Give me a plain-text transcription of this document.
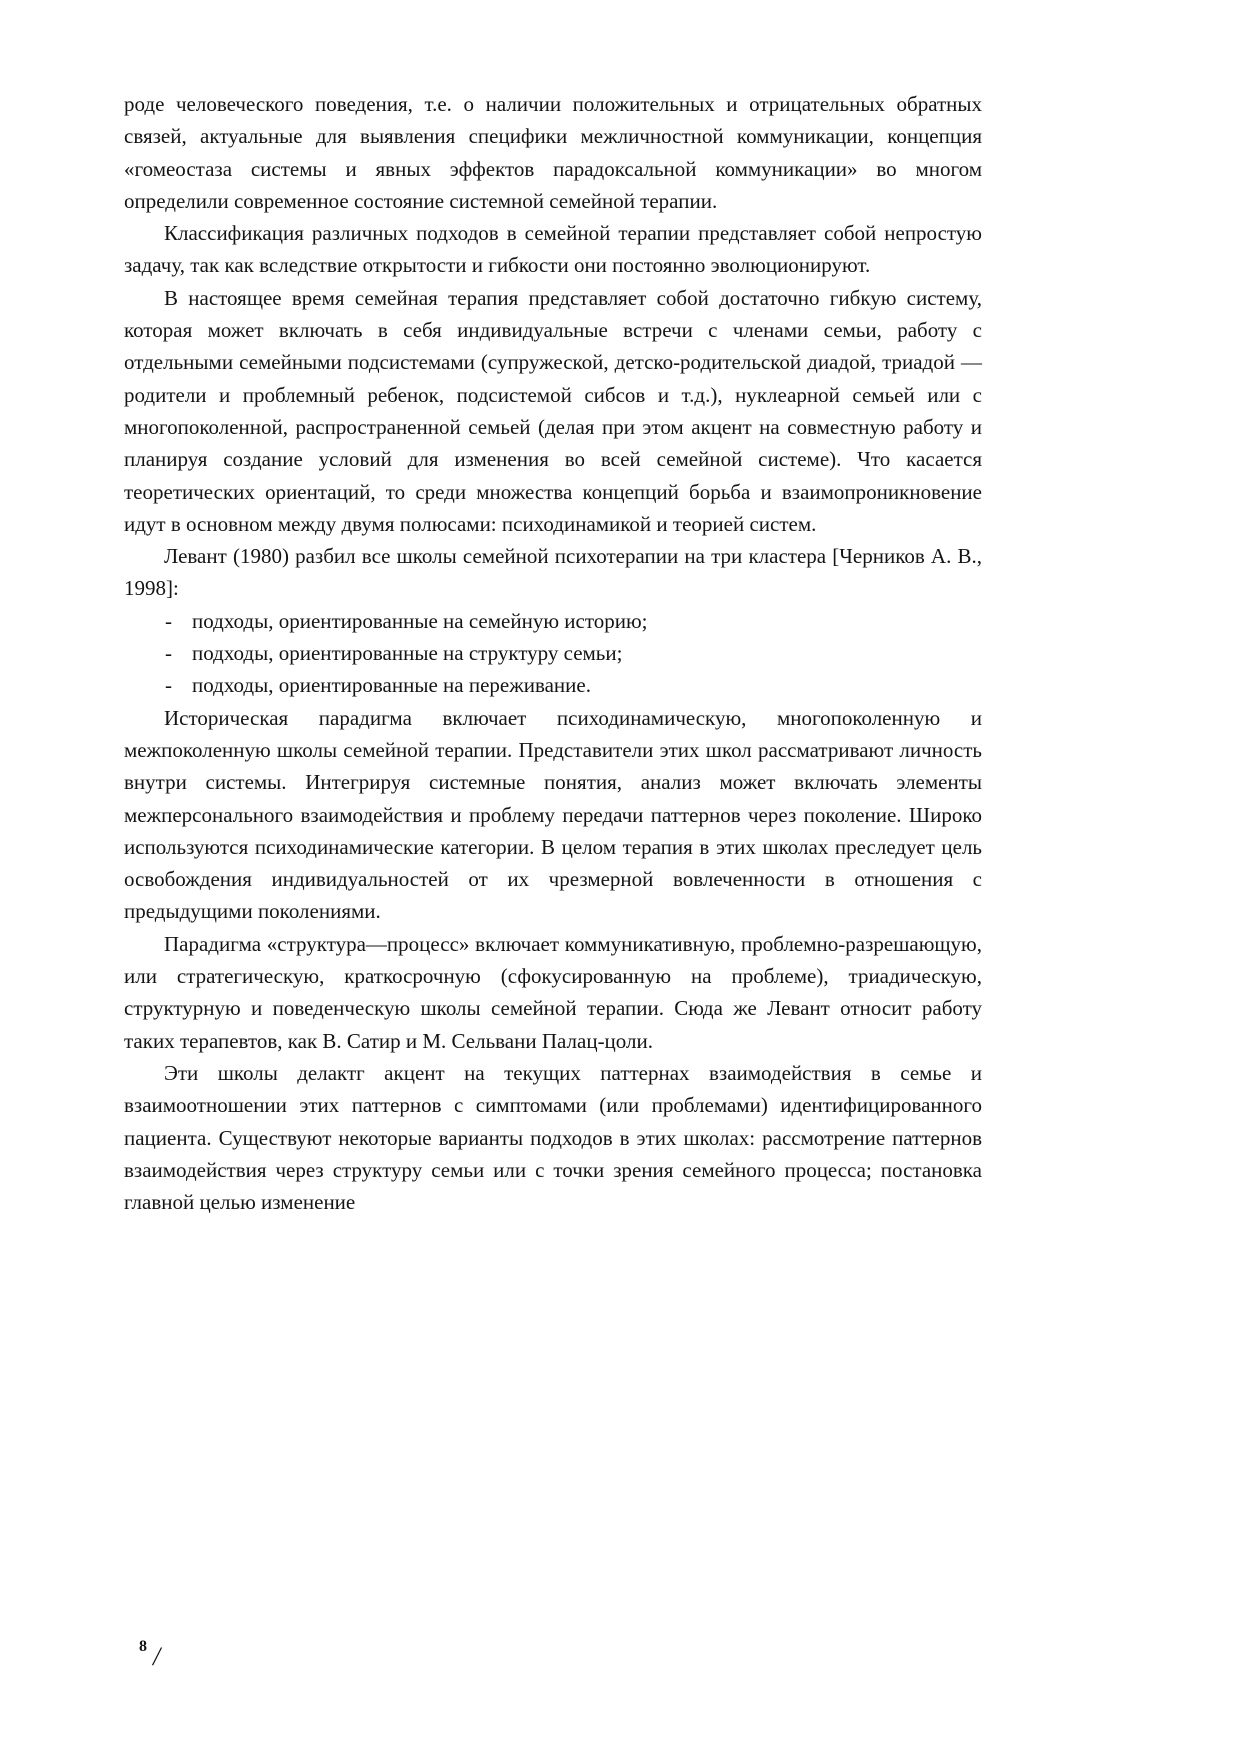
роде человеческого поведения, т.е. о наличии положительных и отрицательных обратных связей, актуальные для выявления специфики межличностной коммуникации, концепция «гомеостаза системы и явных эффектов парадоксальной коммуникации» во многом определили современное состояние системной семейной терапии.

Классификация различных подходов в семейной терапии представляет собой непростую задачу, так как вследствие открытости и гибкости они постоянно эволюционируют.

В настоящее время семейная терапия представляет собой достаточно гибкую систему, которая может включать в себя индивидуальные встречи с членами семьи, работу с отдельными семейными подсистемами (супружеской, детско-родительской диадой, триадой — родители и проблемный ребенок, подсистемой сибсов и т.д.), нуклеарной семьей или с многопоколенной, распространенной семьей (делая при этом акцент на совместную работу и планируя создание условий для изменения во всей семейной системе). Что касается теоретических ориентаций, то среди множества концепций борьба и взаимопроникновение идут в основном между двумя полюсами: психодинамикой и теорией систем.

Левант (1980) разбил все школы семейной психотерапии на три кластера [Черников А. В., 1998]:

- подходы, ориентированные на семейную историю;
- подходы, ориентированные на структуру семьи;
- подходы, ориентированные на переживание.

Историческая парадигма включает психодинамическую, многопоколенную и межпоколенную школы семейной терапии. Представители этих школ рассматривают личность внутри системы. Интегрируя системные понятия, анализ может включать элементы межперсонального взаимодействия и проблему передачи паттернов через поколение. Широко используются психодинамические категории. В целом терапия в этих школах преследует цель освобождения индивидуальностей от их чрезмерной вовлеченности в отношения с предыдущими поколениями.

Парадигма «структура—процесс» включает коммуникативную, проблемно-разрешающую, или стратегическую, краткосрочную (сфокусированную на проблеме), триадическую, структурную и поведенческую школы семейной терапии. Сюда же Левант относит работу таких терапевтов, как В. Сатир и М. Сельвани Палац-цоли.

Эти школы делактг акцент на текущих паттернах взаимодействия в семье и взаимоотношении этих паттернов с симптомами (или проблемами) идентифицированного пациента. Существуют некоторые варианты подходов в этих школах: рассмотрение паттернов взаимодействия через структуру семьи или с точки зрения семейного процесса; постановка главной целью изменение

8 /
